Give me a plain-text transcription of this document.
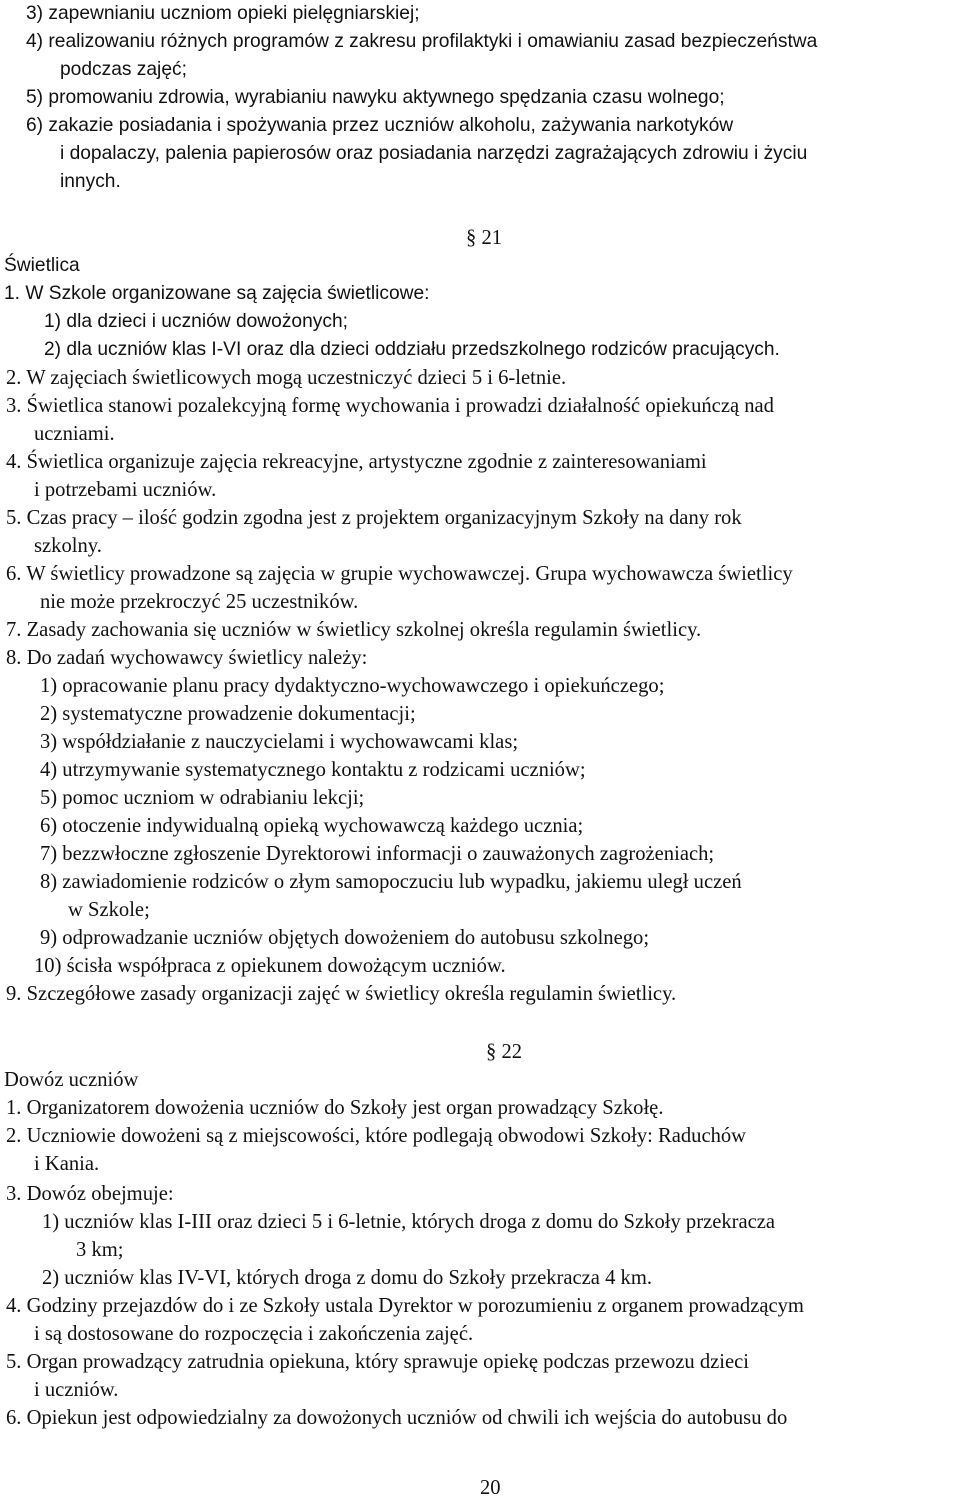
3) zapewnianiu uczniom opieki pielęgniarskiej;
4) realizowaniu różnych programów z zakresu profilaktyki i omawianiu zasad bezpieczeństwa
podczas zajęć;
5) promowaniu zdrowia, wyrabianiu nawyku aktywnego spędzania czasu wolnego;
6) zakazie posiadania i spożywania przez uczniów alkoholu, zażywania narkotyków
i dopalaczy, palenia papierosów oraz posiadania narzędzi zagrażających zdrowiu i życiu
innych.
§ 21
Świetlica
1. W Szkole organizowane są zajęcia świetlicowe:
1) dla dzieci i uczniów dowożonych;
2) dla uczniów klas I-VI oraz dla dzieci oddziału przedszkolnego rodziców pracujących.
2. W zajęciach świetlicowych mogą uczestniczyć dzieci 5 i 6-letnie.
3. Świetlica stanowi pozalekcyjną formę wychowania i prowadzi działalność opiekuńczą nad
uczniami.
4. Świetlica organizuje zajęcia rekreacyjne, artystyczne zgodnie z zainteresowaniami
i potrzebami uczniów.
5. Czas pracy – ilość godzin zgodna jest z projektem organizacyjnym Szkoły na dany rok
szkolny.
6. W świetlicy prowadzone są zajęcia w grupie wychowawczej. Grupa wychowawcza świetlicy
nie może przekroczyć 25 uczestników.
7. Zasady zachowania się uczniów w świetlicy szkolnej określa regulamin świetlicy.
8. Do zadań wychowawcy świetlicy należy:
1) opracowanie planu pracy dydaktyczno-wychowawczego i opiekuńczego;
2) systematyczne prowadzenie dokumentacji;
3) współdziałanie z nauczycielami i wychowawcami klas;
4) utrzymywanie systematycznego kontaktu z rodzicami uczniów;
5) pomoc uczniom w odrabianiu lekcji;
6) otoczenie indywidualną opieką wychowawczą każdego ucznia;
7) bezzwłoczne zgłoszenie Dyrektorowi informacji o zauważonych zagrożeniach;
8) zawiadomienie rodziców o złym samopoczuciu lub wypadku, jakiemu uległ uczeń
w Szkole;
9) odprowadzanie uczniów objętych dowożeniem do autobusu szkolnego;
10) ścisła współpraca z opiekunem dowożącym uczniów.
9. Szczegółowe zasady organizacji zajęć w świetlicy określa regulamin świetlicy.
§ 22
Dowóz uczniów
1. Organizatorem dowożenia uczniów do Szkoły jest organ prowadzący Szkołę.
2. Uczniowie dowożeni są z miejscowości, które podlegają obwodowi Szkoły: Raduchów
i Kania.
3. Dowóz obejmuje:
1) uczniów klas I-III oraz dzieci 5 i 6-letnie, których droga z domu do Szkoły przekracza
3 km;
2) uczniów klas IV-VI, których droga z domu do Szkoły przekracza 4 km.
4. Godziny przejazdów do i ze Szkoły ustala Dyrektor w porozumieniu z organem prowadzącym
i są dostosowane do rozpoczęcia i zakończenia zajęć.
5. Organ prowadzący zatrudnia opiekuna, który sprawuje opiekę podczas przewozu dzieci
i uczniów.
6. Opiekun jest odpowiedzialny za dowożonych uczniów od chwili ich wejścia do autobusu do
20
